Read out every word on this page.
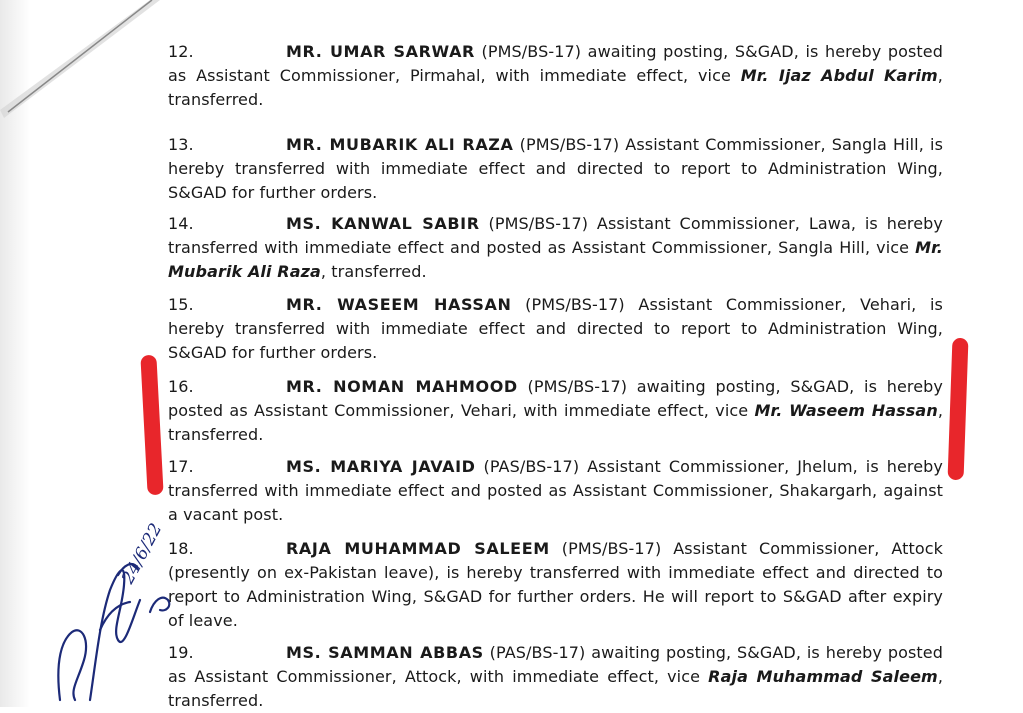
12.	MR. UMAR SARWAR (PMS/BS-17) awaiting posting, S&GAD, is hereby posted as Assistant Commissioner, Pirmahal, with immediate effect, vice Mr. Ijaz Abdul Karim, transferred.
13.	MR. MUBARIK ALI RAZA (PMS/BS-17) Assistant Commissioner, Sangla Hill, is hereby transferred with immediate effect and directed to report to Administration Wing, S&GAD for further orders.
14.	MS. KANWAL SABIR (PMS/BS-17) Assistant Commissioner, Lawa, is hereby transferred with immediate effect and posted as Assistant Commissioner, Sangla Hill, vice Mr. Mubarik Ali Raza, transferred.
15.	MR. WASEEM HASSAN (PMS/BS-17) Assistant Commissioner, Vehari, is hereby transferred with immediate effect and directed to report to Administration Wing, S&GAD for further orders.
16.	MR. NOMAN MAHMOOD (PMS/BS-17) awaiting posting, S&GAD, is hereby posted as Assistant Commissioner, Vehari, with immediate effect, vice Mr. Waseem Hassan, transferred.
17.	MS. MARIYA JAVAID (PAS/BS-17) Assistant Commissioner, Jhelum, is hereby transferred with immediate effect and posted as Assistant Commissioner, Shakargarh, against a vacant post.
18.	RAJA MUHAMMAD SALEEM (PMS/BS-17) Assistant Commissioner, Attock (presently on ex-Pakistan leave), is hereby transferred with immediate effect and directed to report to Administration Wing, S&GAD for further orders. He will report to S&GAD after expiry of leave.
19.	MS. SAMMAN ABBAS (PAS/BS-17) awaiting posting, S&GAD, is hereby posted as Assistant Commissioner, Attock, with immediate effect, vice Raja Muhammad Saleem, transferred.
24/6/22
